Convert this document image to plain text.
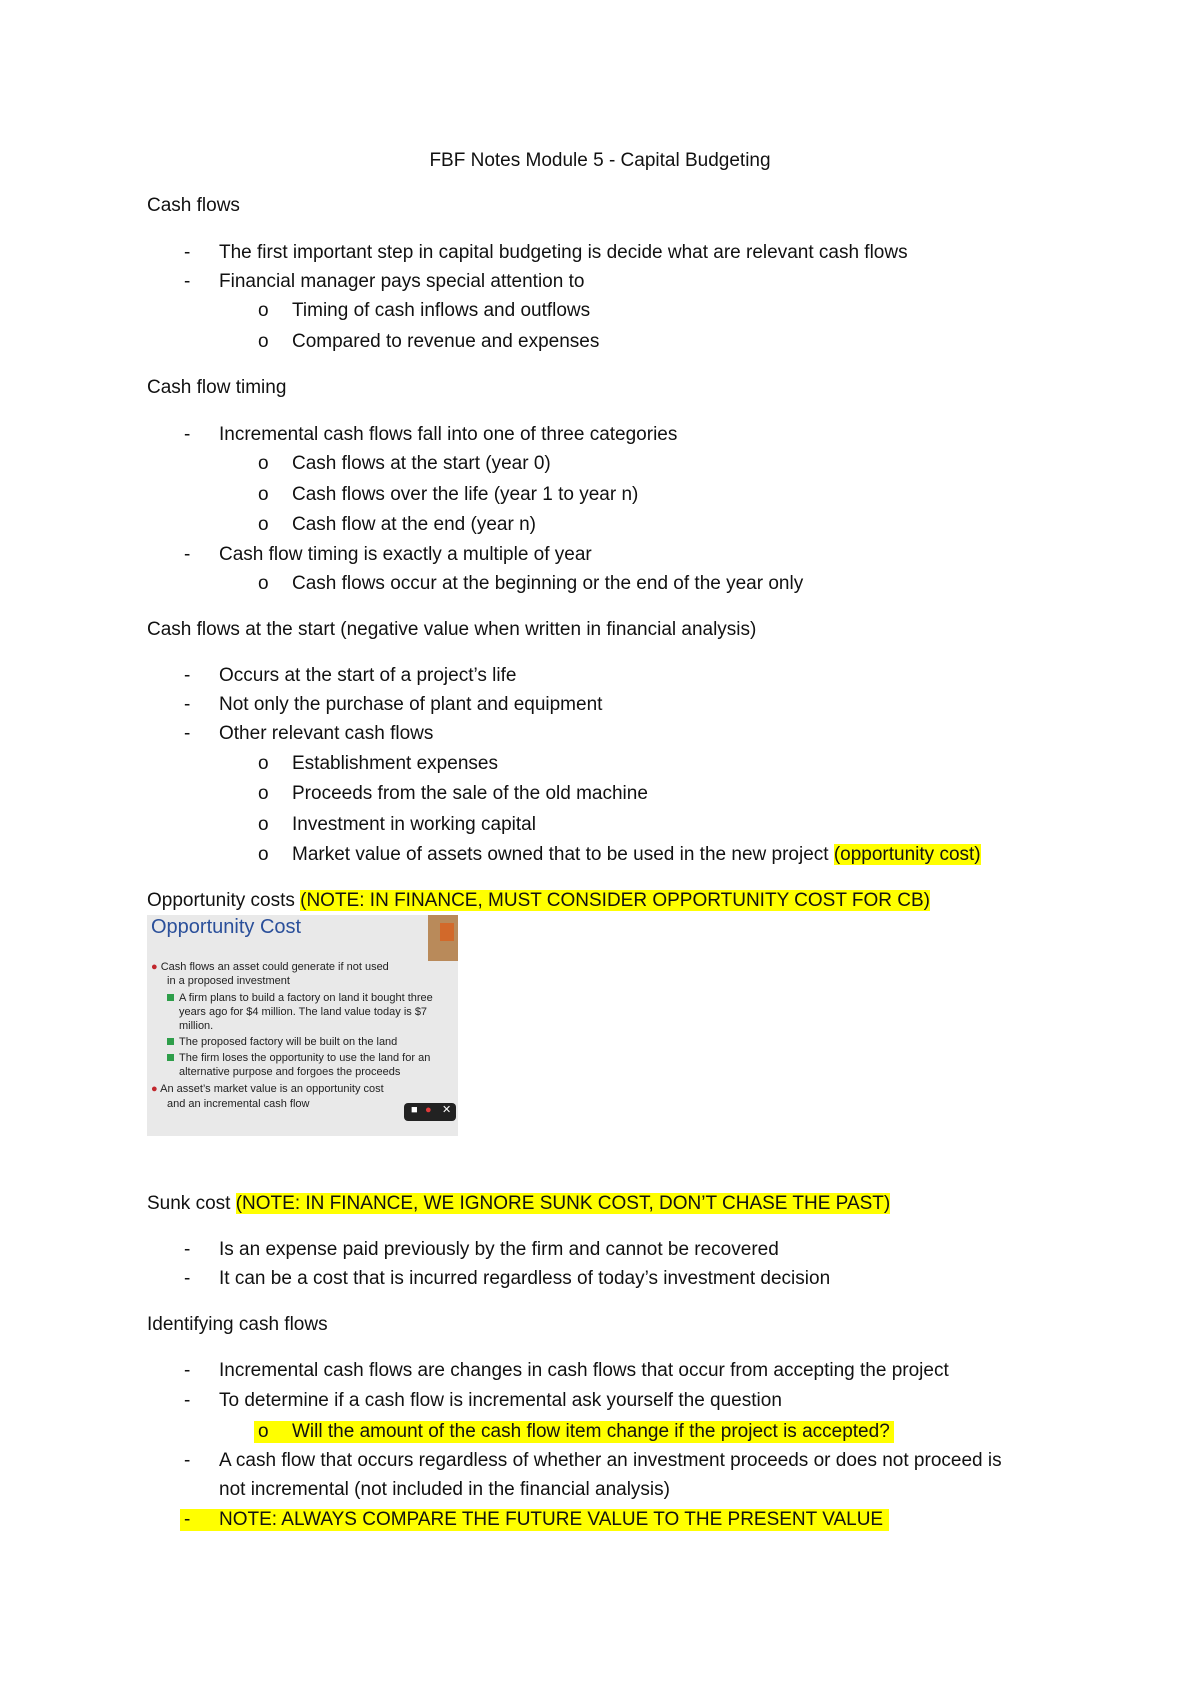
FBF Notes Module 5 - Capital Budgeting
Cash flows
- The first important step in capital budgeting is decide what are relevant cash flows
- Financial manager pays special attention to
o Timing of cash inflows and outflows
o Compared to revenue and expenses
Cash flow timing
- Incremental cash flows fall into one of three categories
o Cash flows at the start (year 0)
o Cash flows over the life (year 1 to year n)
o Cash flow at the end (year n)
- Cash flow timing is exactly a multiple of year
o Cash flows occur at the beginning or the end of the year only
Cash flows at the start (negative value when written in financial analysis)
- Occurs at the start of a project’s life
- Not only the purchase of plant and equipment
- Other relevant cash flows
o Establishment expenses
o Proceeds from the sale of the old machine
o Investment in working capital
o Market value of assets owned that to be used in the new project (opportunity cost)
Opportunity costs (NOTE: IN FINANCE, MUST CONSIDER OPPORTUNITY COST FOR CB)
Opportunity Cost
● Cash flows an asset could generate if not used
in a proposed investment
A firm plans to build a factory on land it bought three
years ago for $4 million. The land value today is $7
million.
The proposed factory will be built on the land
The firm loses the opportunity to use the land for an
alternative purpose and forgoes the proceeds
● An asset’s market value is an opportunity cost
and an incremental cash flow	■ ● ✕
Sunk cost (NOTE: IN FINANCE, WE IGNORE SUNK COST, DON’T CHASE THE PAST)
- Is an expense paid previously by the firm and cannot be recovered
- It can be a cost that is incurred regardless of today’s investment decision
Identifying cash flows
- Incremental cash flows are changes in cash flows that occur from accepting the project
- To determine if a cash flow is incremental ask yourself the question
o Will the amount of the cash flow item change if the project is accepted?
- A cash flow that occurs regardless of whether an investment proceeds or does not proceed is
not incremental (not included in the financial analysis)
- NOTE: ALWAYS COMPARE THE FUTURE VALUE TO THE PRESENT VALUE
